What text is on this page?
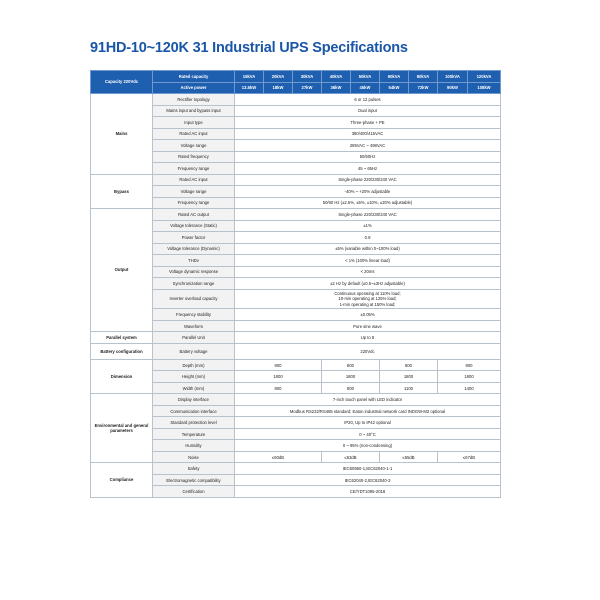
91HD-10~120K 31 Industrial UPS Specifications
Capacity 220Vdc	Rated capacity	15kVA	20kVA	30kVA	40kVA	50kVA	60kVA	80kVA	100kVA	120kVA
	Active power	13.5kW	18kW	27kW	36kW	45kW	54kW	72kW	90kW	108kW
Mains	Rectifier topology	6 or 12 pulses								
	Mains input and bypass input	Dual input								
	Input type	Three-phase + PE								
	Rated AC input	380/400/415VAC								
	Voltage range	285VAC ~ 498VAC								
	Rated frequency	50/60Hz								
	Frequency range	45 ~ 65Hz								
Bypass	Rated AC input	Single-phase 220/230/240 VAC								
	Voltage range	-40% ~ +20% adjustable								
	Frequency range	50/60 Hz (±2.5%, ±5%, ±10%, ±20% adjustable)								
Output	Rated AC output	Single-phase 220/230/240 VAC								
	Voltage tolerance (Static)	±1%								
	Power factor	0.9								
	Voltage tolerance (Dynamic)	±5% (variable within 0~100% load)								
	THDv	< 1% (100% linear load)								
	Voltage dynamic response	< 20ms								
	Synchronization range	±2 Hz by default (±0.5~±3Hz adjustable)								
	Inverter overload capacity	Continuous operating at 110% load;
10-min operating at 125% load;
1-min operating at 150% load;								

	Frequency stability	±0.05%								
	Waveform	Pure sine wave								
Parallel system	Parallel Unit	Up to 8								
Battery configuration	Battery voltage	220Vdc								
Dimension	Depth (mm)	800			800		800		800	
	Height (mm)	1800			1800		1800		1800	
	Width (mm)	800			800		1100		1400	
Environmental and general parameters	Display interface	7-inch touch panel with LED indicator								
	Communication interface	Modbus RS232/RS485 standard; Eaton industrial network card INDGW-M2 optional								
	Standard protection level	IP20, Up to IP42 optional								
	Temperature	0 ~ 40°C								
	Humidity	0 ~ 95% (non-condensing)								
	Noise	≤60dB			≤63dB		≤65dB		≤67dB	
Compliance	Safety	IEC60950-1,IEC62040-1-1								
	Electromagnetic compatibility	IEC62040-2,IEC62040-3								
	Certification	CE/YDT1095-2018								
